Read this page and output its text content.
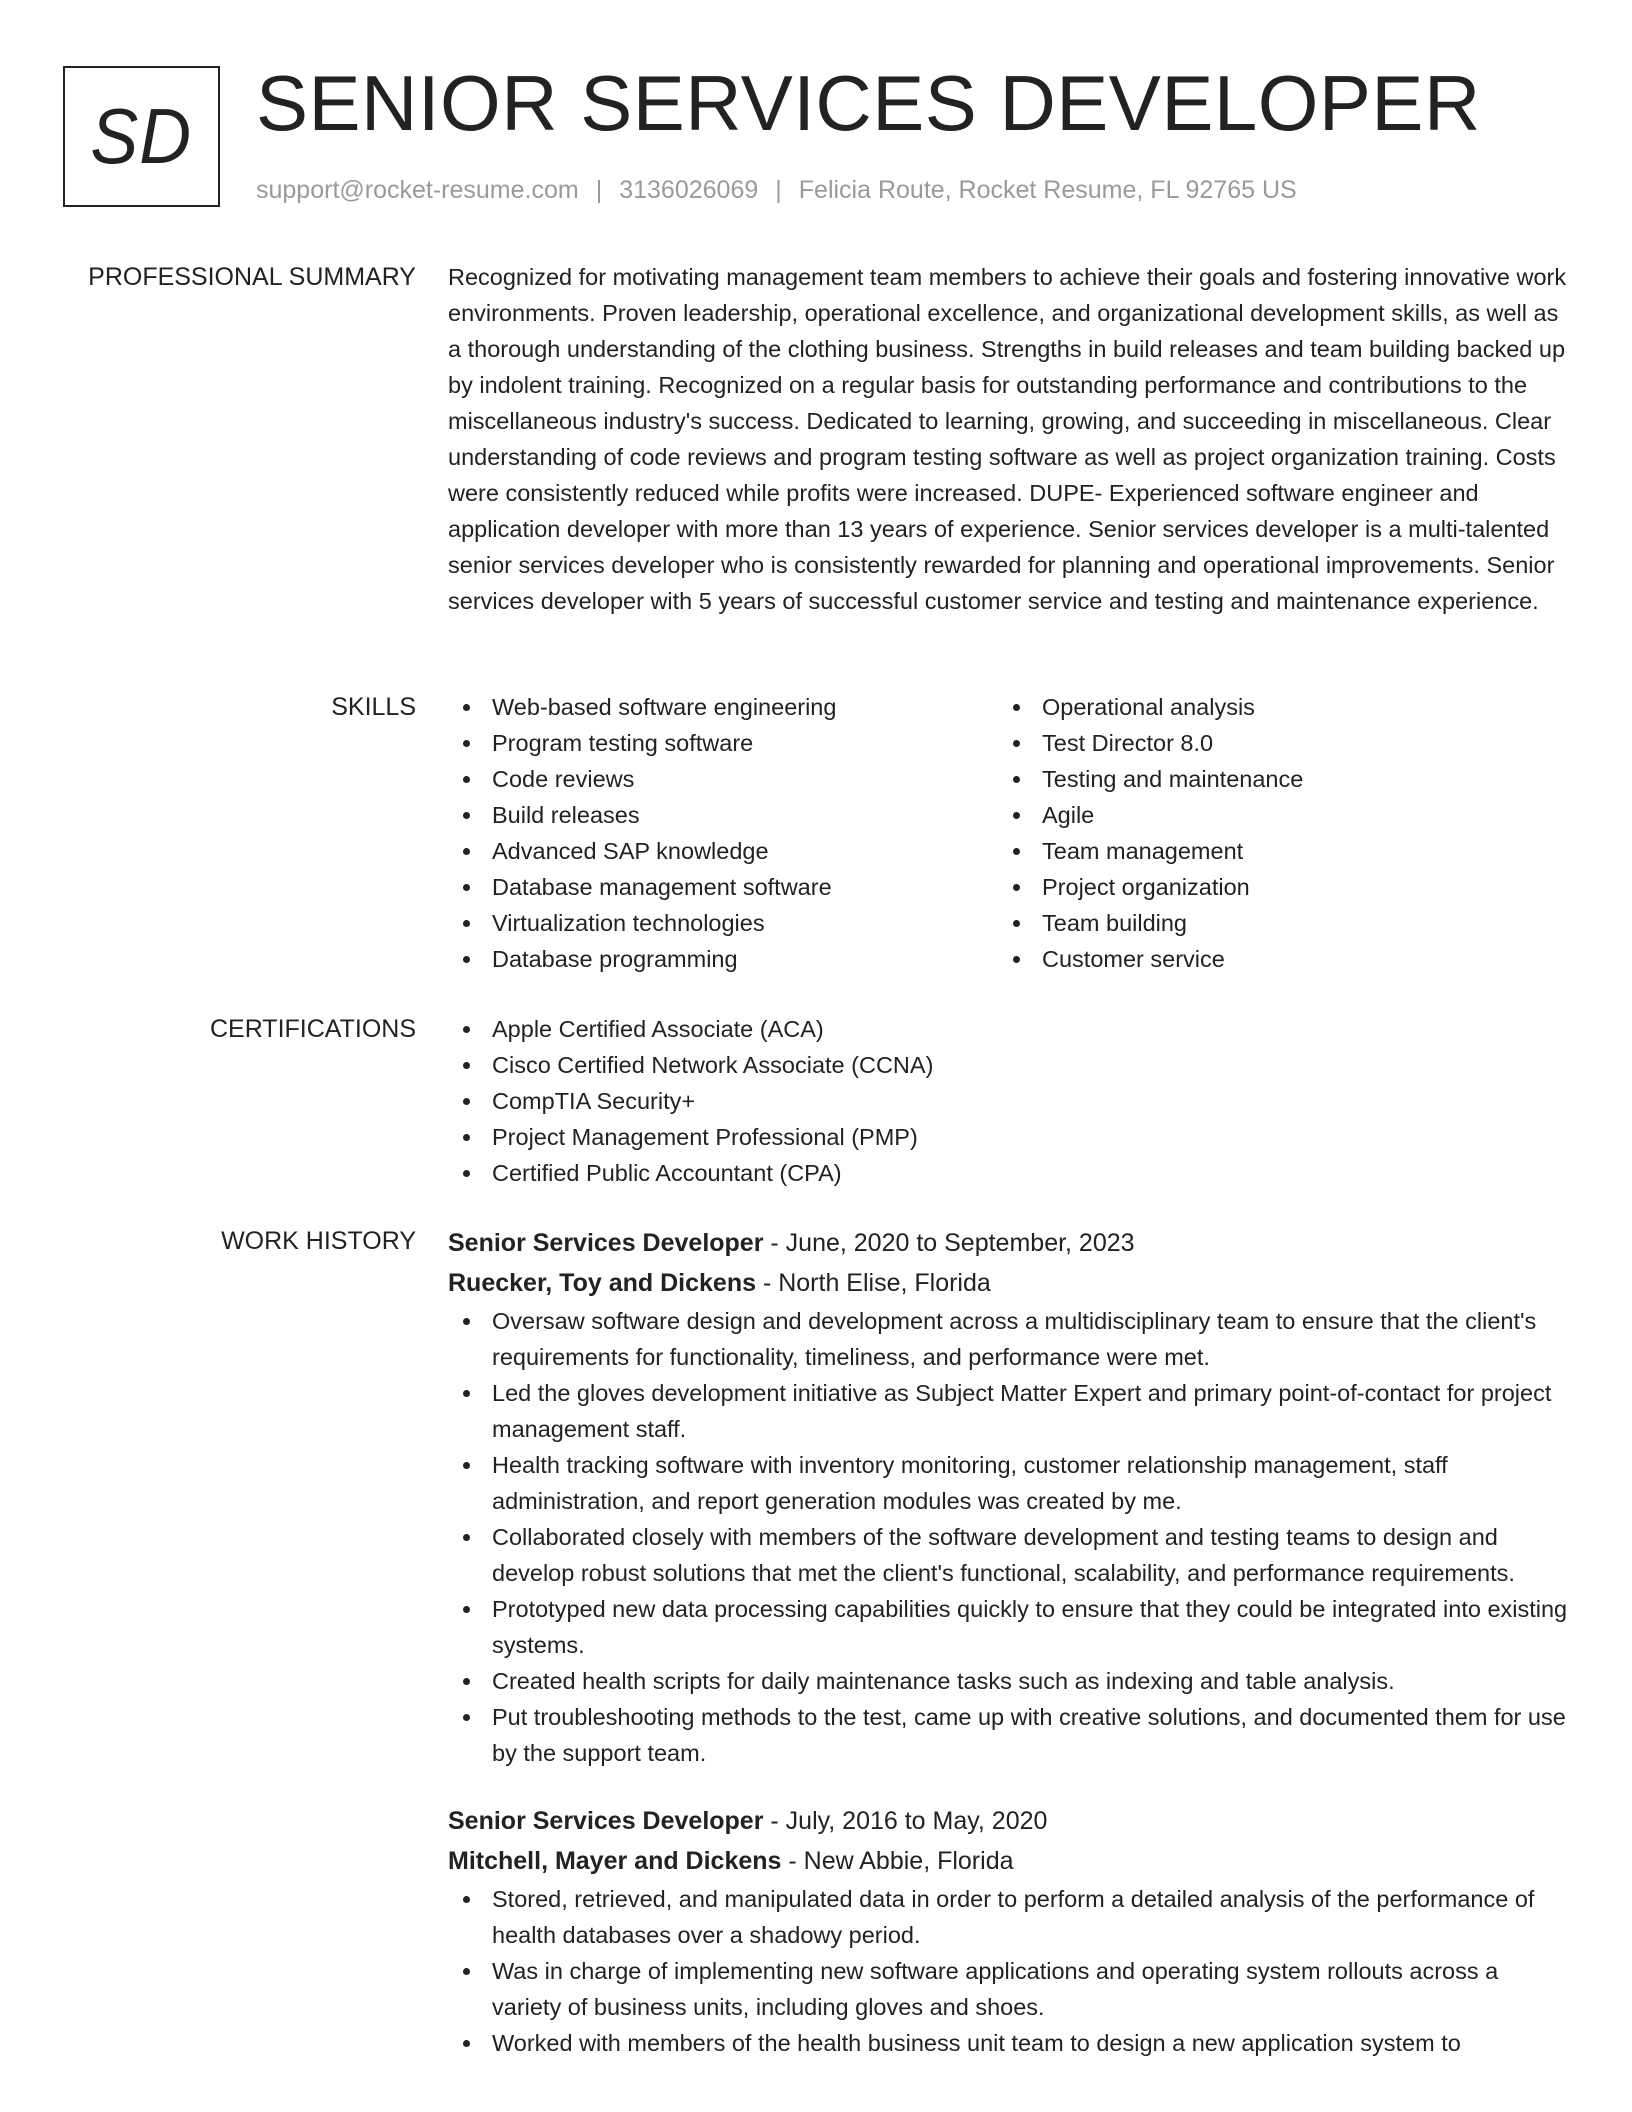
SD SENIOR SERVICES DEVELOPER
support@rocket-resume.com | 3136026069 | Felicia Route, Rocket Resume, FL 92765 US
PROFESSIONAL SUMMARY Recognized for motivating management team members to achieve their goals and fostering innovative work environments. Proven leadership, operational excellence, and organizational development skills, as well as a thorough understanding of the clothing business. Strengths in build releases and team building backed up by indolent training. Recognized on a regular basis for outstanding performance and contributions to the miscellaneous industry's success. Dedicated to learning, growing, and succeeding in miscellaneous. Clear understanding of code reviews and program testing software as well as project organization training. Costs were consistently reduced while profits were increased. DUPE- Experienced software engineer and application developer with more than 13 years of experience. Senior services developer is a multi-talented senior services developer who is consistently rewarded for planning and operational improvements. Senior services developer with 5 years of successful customer service and testing and maintenance experience.

SKILLS	Web-based software engineering
Program testing software
Code reviews
Build releases
Advanced SAP knowledge
Database management software
Virtualization technologies
Database programming
Operational analysis
Test Director 8.0
Testing and maintenance
Agile
Team management
Project organization
Team building
Customer service
CERTIFICATIONS	Apple Certified Associate (ACA)
Cisco Certified Network Associate (CCNA)
CompTIA Security+
Project Management Professional (PMP)
Certified Public Accountant (CPA)
WORK HISTORY Senior Services Developer - June, 2020 to September, 2023
Ruecker, Toy and Dickens - North Elise, Florida
Oversaw software design and development across a multidisciplinary team to ensure that the client's requirements for functionality, timeliness, and performance were met.
Led the gloves development initiative as Subject Matter Expert and primary point-of-contact for project management staff.
Health tracking software with inventory monitoring, customer relationship management, staff administration, and report generation modules was created by me.
Collaborated closely with members of the software development and testing teams to design and develop robust solutions that met the client's functional, scalability, and performance requirements.
Prototyped new data processing capabilities quickly to ensure that they could be integrated into existing systems.
Created health scripts for daily maintenance tasks such as indexing and table analysis.
Put troubleshooting methods to the test, came up with creative solutions, and documented them for use by the support team.
Senior Services Developer - July, 2016 to May, 2020
Mitchell, Mayer and Dickens - New Abbie, Florida
Stored, retrieved, and manipulated data in order to perform a detailed analysis of the performance of health databases over a shadowy period.
Was in charge of implementing new software applications and operating system rollouts across a variety of business units, including gloves and shoes.
Worked with members of the health business unit team to design a new application system to
